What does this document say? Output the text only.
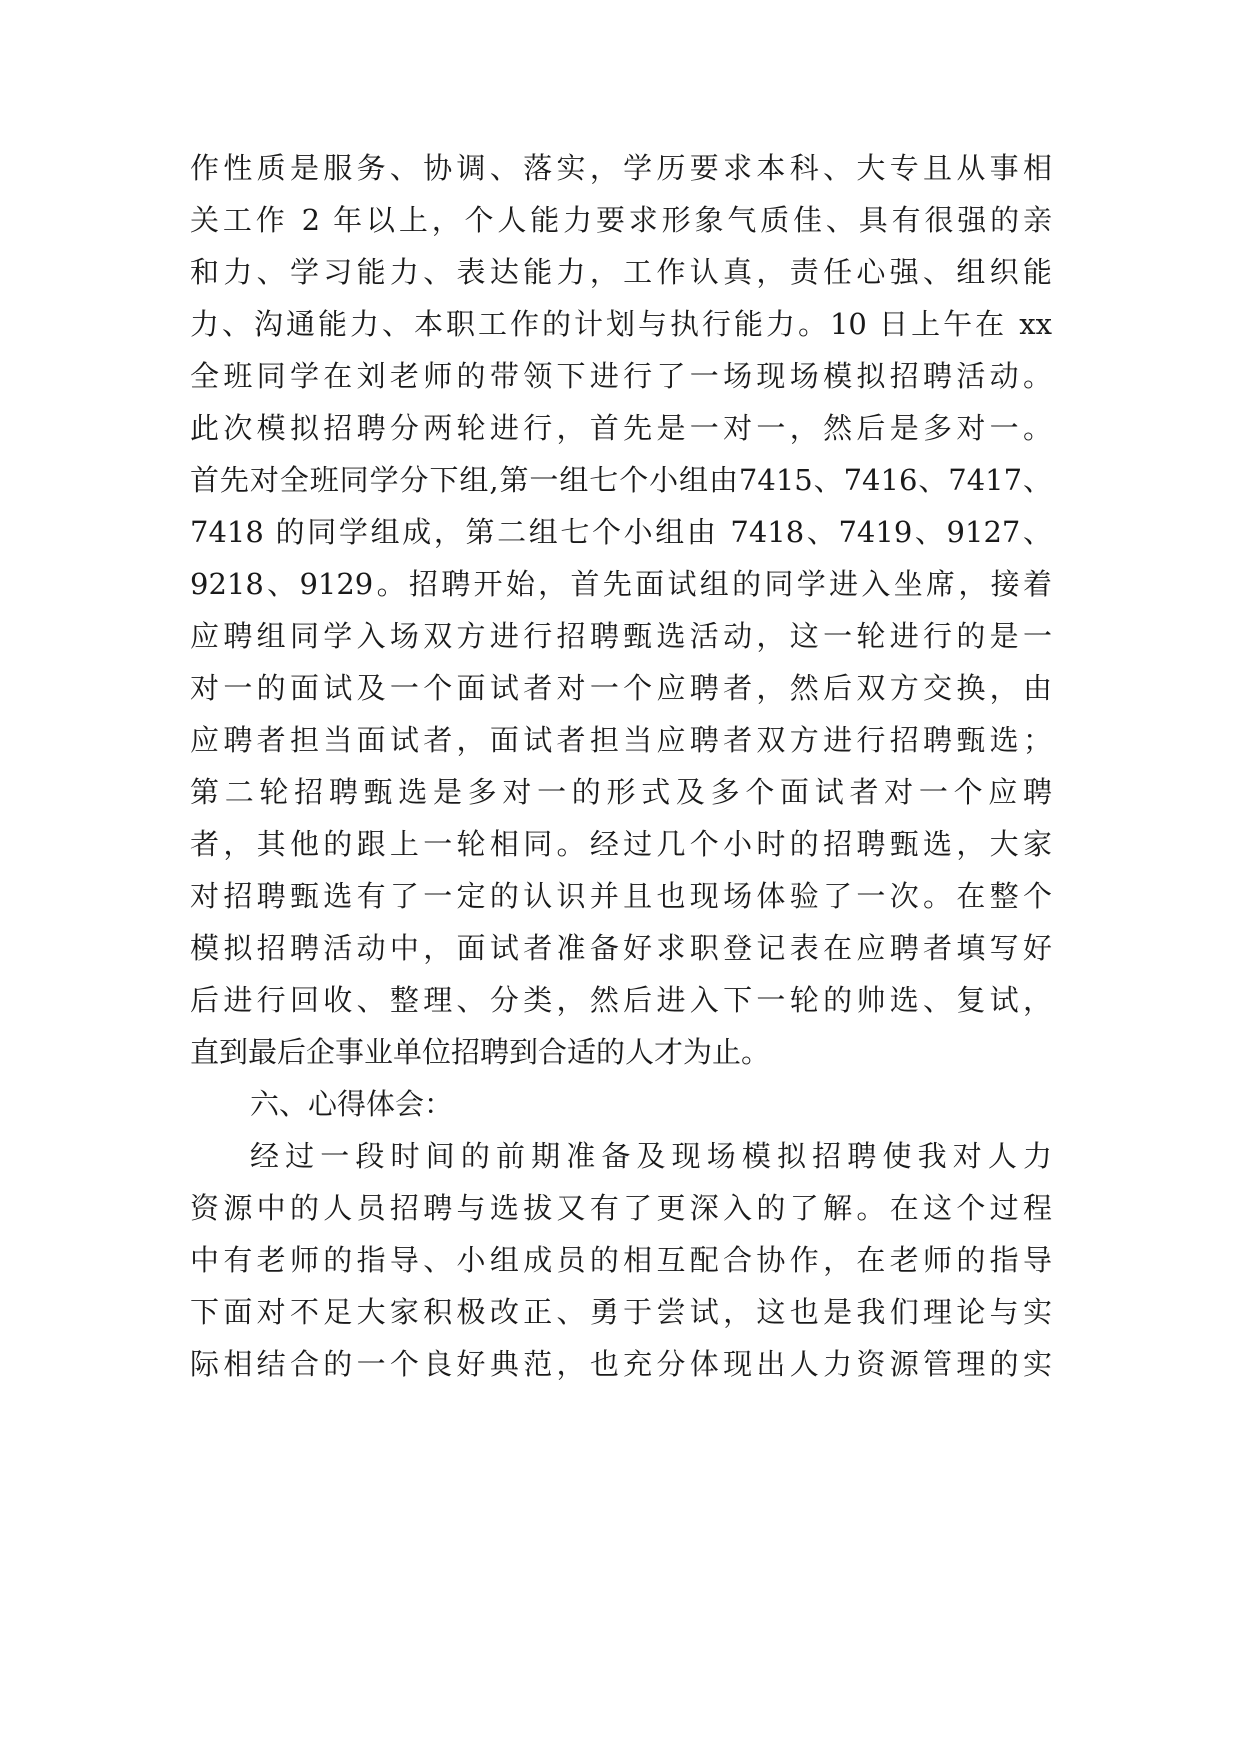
作性质是服务、协调、落实，学历要求本科、大专且从事相
关工作 2 年以上，个人能力要求形象气质佳、具有很强的亲
和力、学习能力、表达能力，工作认真，责任心强、组织能
力、沟通能力、本职工作的计划与执行能力。10 日上午在 xx
全班同学在刘老师的带领下进行了一场现场模拟招聘活动。
此次模拟招聘分两轮进行，首先是一对一，然后是多对一。
首先对全班同学分下组,第一组七个小组由7415、7416、7417、
7418 的同学组成，第二组七个小组由 7418、7419、9127、
9218、9129。招聘开始，首先面试组的同学进入坐席，接着
应聘组同学入场双方进行招聘甄选活动，这一轮进行的是一
对一的面试及一个面试者对一个应聘者，然后双方交换，由
应聘者担当面试者，面试者担当应聘者双方进行招聘甄选；
第二轮招聘甄选是多对一的形式及多个面试者对一个应聘
者，其他的跟上一轮相同。经过几个小时的招聘甄选，大家
对招聘甄选有了一定的认识并且也现场体验了一次。在整个
模拟招聘活动中，面试者准备好求职登记表在应聘者填写好
后进行回收、整理、分类，然后进入下一轮的帅选、复试，
直到最后企事业单位招聘到合适的人才为止。
六、心得体会：
经过一段时间的前期准备及现场模拟招聘使我对人力
资源中的人员招聘与选拔又有了更深入的了解。在这个过程
中有老师的指导、小组成员的相互配合协作，在老师的指导
下面对不足大家积极改正、勇于尝试，这也是我们理论与实
际相结合的一个良好典范，也充分体现出人力资源管理的实
